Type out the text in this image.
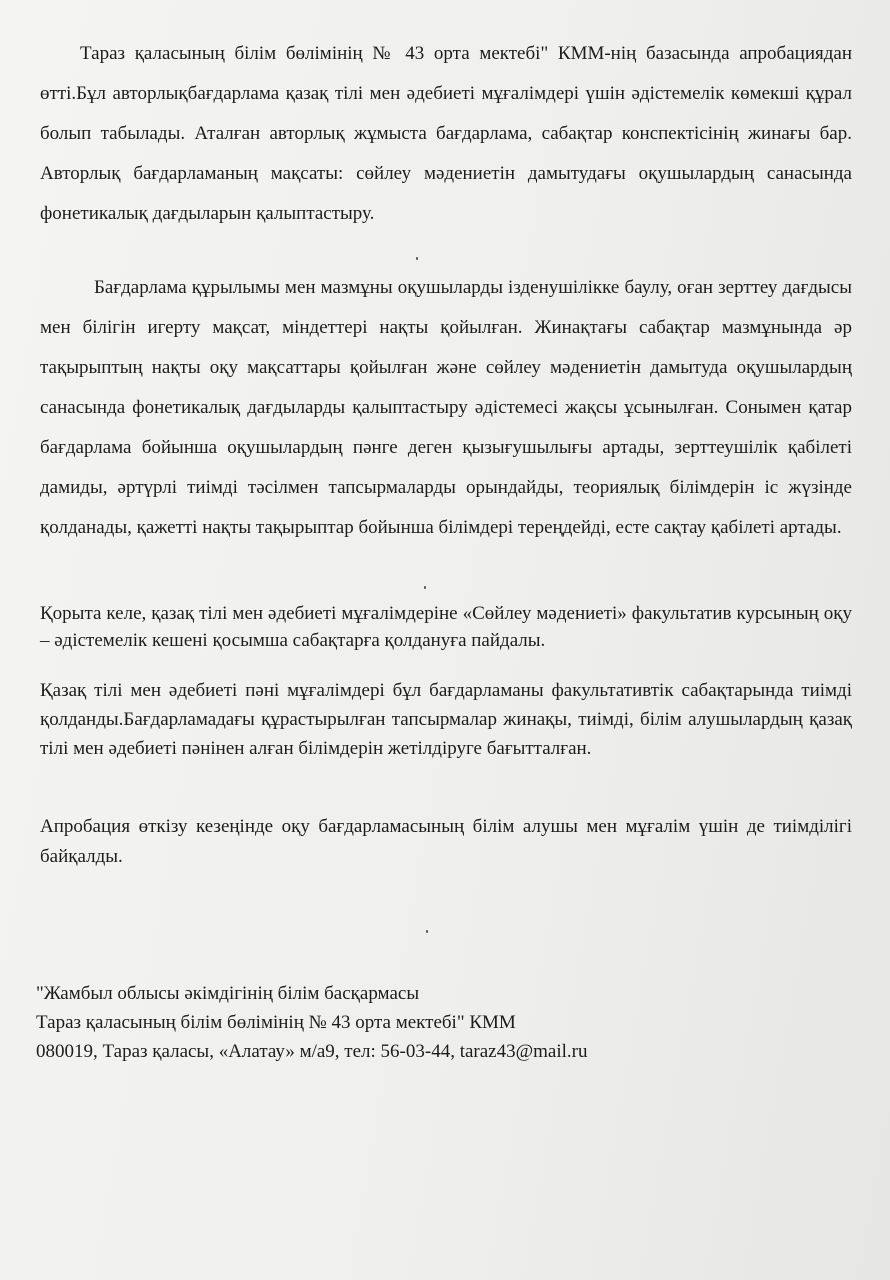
Тараз қаласының білім бөлімінің № 43 орта мектебі" КММ-нің базасында апробациядан өтті.Бұл авторлықбағдарлама қазақ тілі мен әдебиеті мұғалімдері үшін әдістемелік көмекші құрал болып табылады. Аталған авторлық жұмыста бағдарлама, сабақтар конспектісінің жинағы бар. Авторлық бағдарламаның мақсаты: сөйлеу мәдениетін дамытудағы оқушылардың санасында фонетикалық дағдыларын қалыптастыру.

Бағдарлама құрылымы мен мазмұны оқушыларды ізденушілікке баулу, оған зерттеу дағдысы мен білігін игерту мақсат, міндеттері нақты қойылған. Жинақтағы сабақтар мазмұнында әр тақырыптың нақты оқу мақсаттары қойылған және сөйлеу мәдениетін дамытуда оқушылардың санасында фонетикалық дағдыларды қалыптастыру әдістемесі жақсы ұсынылған. Сонымен қатар бағдарлама бойынша оқушылардың пәнге деген қызығушылығы артады, зерттеушілік қабілеті дамиды, әртүрлі тиімді тәсілмен тапсырмаларды орындайды, теориялық білімдерін іс жүзінде қолданады, қажетті нақты тақырыптар бойынша білімдері тереңдейді, есте сақтау қабілеті артады.

Қорыта келе, қазақ тілі мен әдебиеті мұғалімдеріне «Сөйлеу мәдениеті» факультатив курсының оқу – әдістемелік кешені қосымша сабақтарға қолдануға пайдалы.

Қазақ тілі мен әдебиеті пәні мұғалімдері бұл бағдарламаны факультативтік сабақтарында тиімді қолданды.Бағдарламадағы құрастырылған тапсырмалар жинақы, тиімді, білім алушылардың қазақ тілі мен әдебиеті пәнінен алған білімдерін жетілдіруге бағытталған.

Апробация өткізу кезеңінде оқу бағдарламасының білім алушы мен мұғалім үшін де тиімділігі байқалды.

"Жамбыл облысы әкімдігінің білім басқармасы
Тараз қаласының білім бөлімінің № 43 орта мектебі" КММ
080019, Тараз қаласы, «Алатау» м/а9, тел: 56-03-44, taraz43@mail.ru
